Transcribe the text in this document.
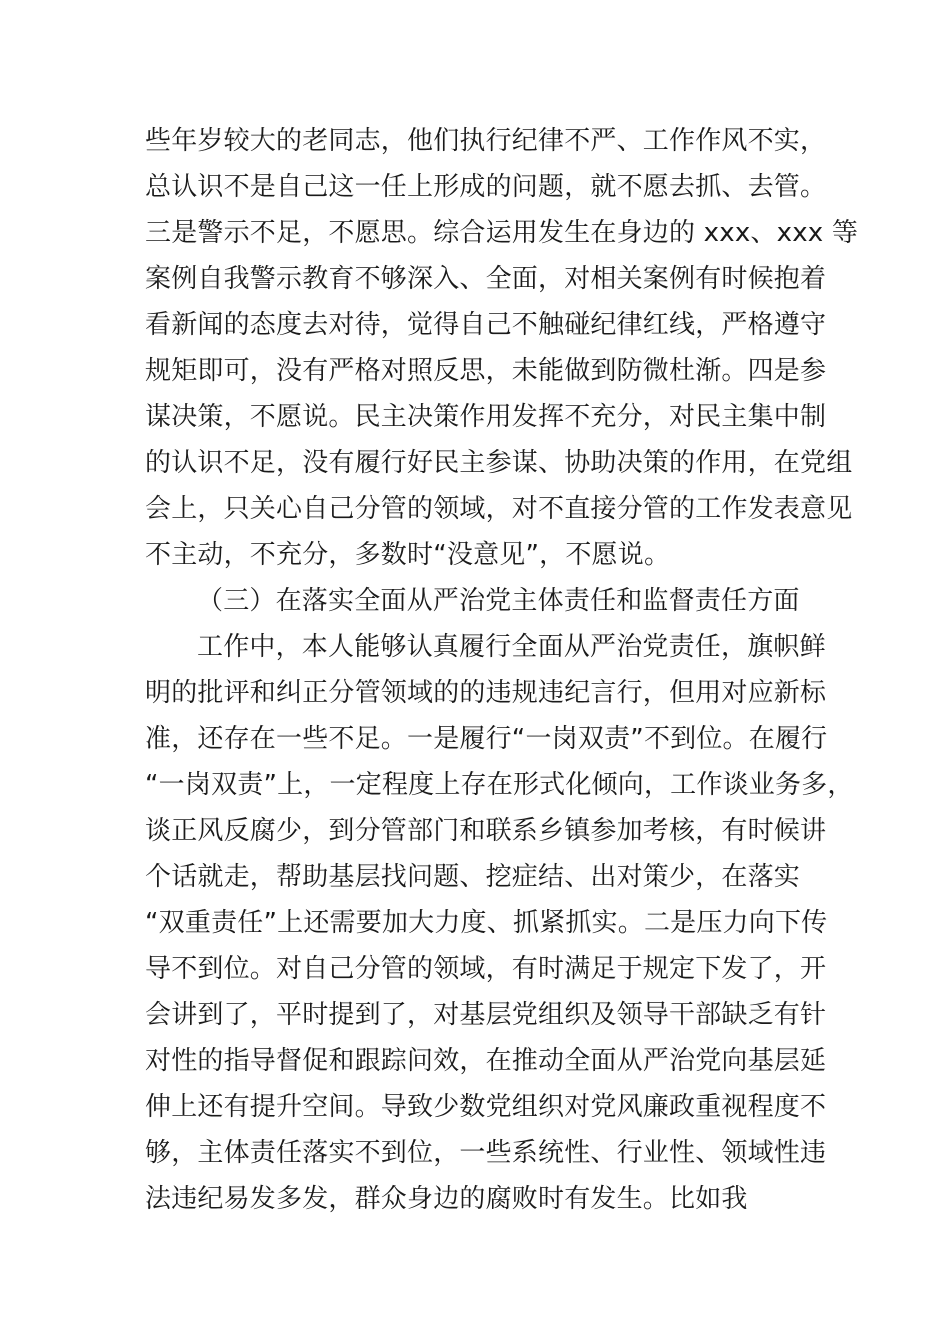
些年岁较大的老同志，他们执行纪律不严、工作作风不实，
总认识不是自己这一任上形成的问题，就不愿去抓、去管。
三是警示不足，不愿思。综合运用发生在身边的 xxx、xxx 等
案例自我警示教育不够深入、全面，对相关案例有时候抱着
看新闻的态度去对待，觉得自己不触碰纪律红线，严格遵守
规矩即可，没有严格对照反思，未能做到防微杜渐。四是参
谋决策，不愿说。民主决策作用发挥不充分，对民主集中制
的认识不足，没有履行好民主参谋、协助决策的作用，在党组
会上，只关心自己分管的领域，对不直接分管的工作发表意见
不主动，不充分，多数时“没意见”，不愿说。
（三）在落实全面从严治党主体责任和监督责任方面
工作中，本人能够认真履行全面从严治党责任，旗帜鲜
明的批评和纠正分管领域的的违规违纪言行，但用对应新标
准，还存在一些不足。一是履行“一岗双责”不到位。在履行
“一岗双责”上，一定程度上存在形式化倾向，工作谈业务多，
谈正风反腐少，到分管部门和联系乡镇参加考核，有时候讲
个话就走，帮助基层找问题、挖症结、出对策少，在落实
“双重责任”上还需要加大力度、抓紧抓实。二是压力向下传
导不到位。对自己分管的领域，有时满足于规定下发了，开
会讲到了，平时提到了，对基层党组织及领导干部缺乏有针
对性的指导督促和跟踪问效，在推动全面从严治党向基层延
伸上还有提升空间。导致少数党组织对党风廉政重视程度不
够，主体责任落实不到位，一些系统性、行业性、领域性违
法违纪易发多发，群众身边的腐败时有发生。比如我
